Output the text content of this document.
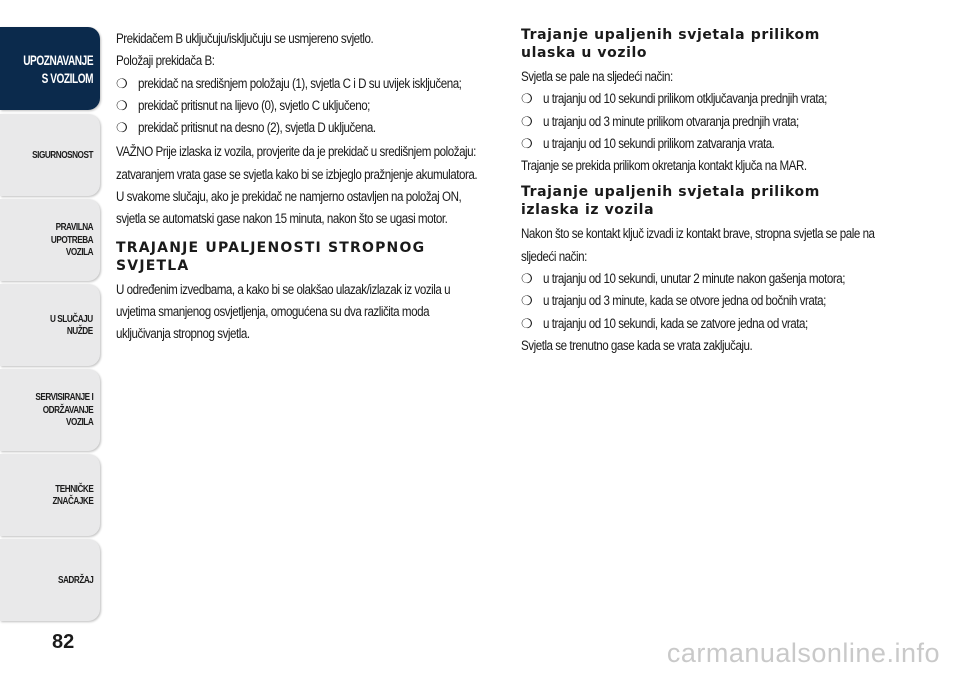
UPOZNAVANJE
S VOZILOM
SIGURNOSNOST
PRAVILNA
UPOTREBA
VOZILA
U SLUČAJU
NUŽDE
SERVISIRANJE I
ODRŽAVANJE
VOZILA
TEHNIČKE
ZNAČAJKE
SADRŽAJ
82

Prekidačem B uključuju/isključuju se usmjereno svjetlo.

Položaji prekidača B:

❍ prekidač na središnjem položaju (1), svjetla C i D su uvijek isključena;
❍ prekidač pritisnut na lijevo (0), svjetlo C uključeno;
❍ prekidač pritisnut na desno (2), svjetla D uključena.

VAŽNO Prije izlaska iz vozila, provjerite da je prekidač u središnjem položaju:
zatvaranjem vrata gase se svjetla kako bi se izbjeglo pražnjenje akumulatora.

U svakome slučaju, ako je prekidač ne namjerno ostavljen na položaj ON,
svjetla se automatski gase nakon 15 minuta, nakon što se ugasi motor.

TRAJANJE UPALJENOSTI STROPNOG
SVJETLA

U određenim izvedbama, a kako bi se olakšao ulazak/izlazak iz vozila u
uvjetima smanjenog osvjetljenja, omogućena su dva različita moda
uključivanja stropnog svjetla.

Trajanje upaljenih svjetala prilikom
ulaska u vozilo

Svjetla se pale na sljedeći način:

❍ u trajanju od 10 sekundi prilikom otključavanja prednjih vrata;
❍ u trajanju od 3 minute prilikom otvaranja prednjih vrata;
❍ u trajanju od 10 sekundi prilikom zatvaranja vrata.

Trajanje se prekida prilikom okretanja kontakt ključa na MAR.

Trajanje upaljenih svjetala prilikom
izlaska iz vozila

Nakon što se kontakt ključ izvadi iz kontakt brave, stropna svjetla se pale na
sljedeći način:

❍ u trajanju od 10 sekundi, unutar 2 minute nakon gašenja motora;
❍ u trajanju od 3 minute, kada se otvore jedna od bočnih vrata;
❍ u trajanju od 10 sekundi, kada se zatvore jedna od vrata;

Svjetla se trenutno gase kada se vrata zaključaju.

carmanualsonline.info
